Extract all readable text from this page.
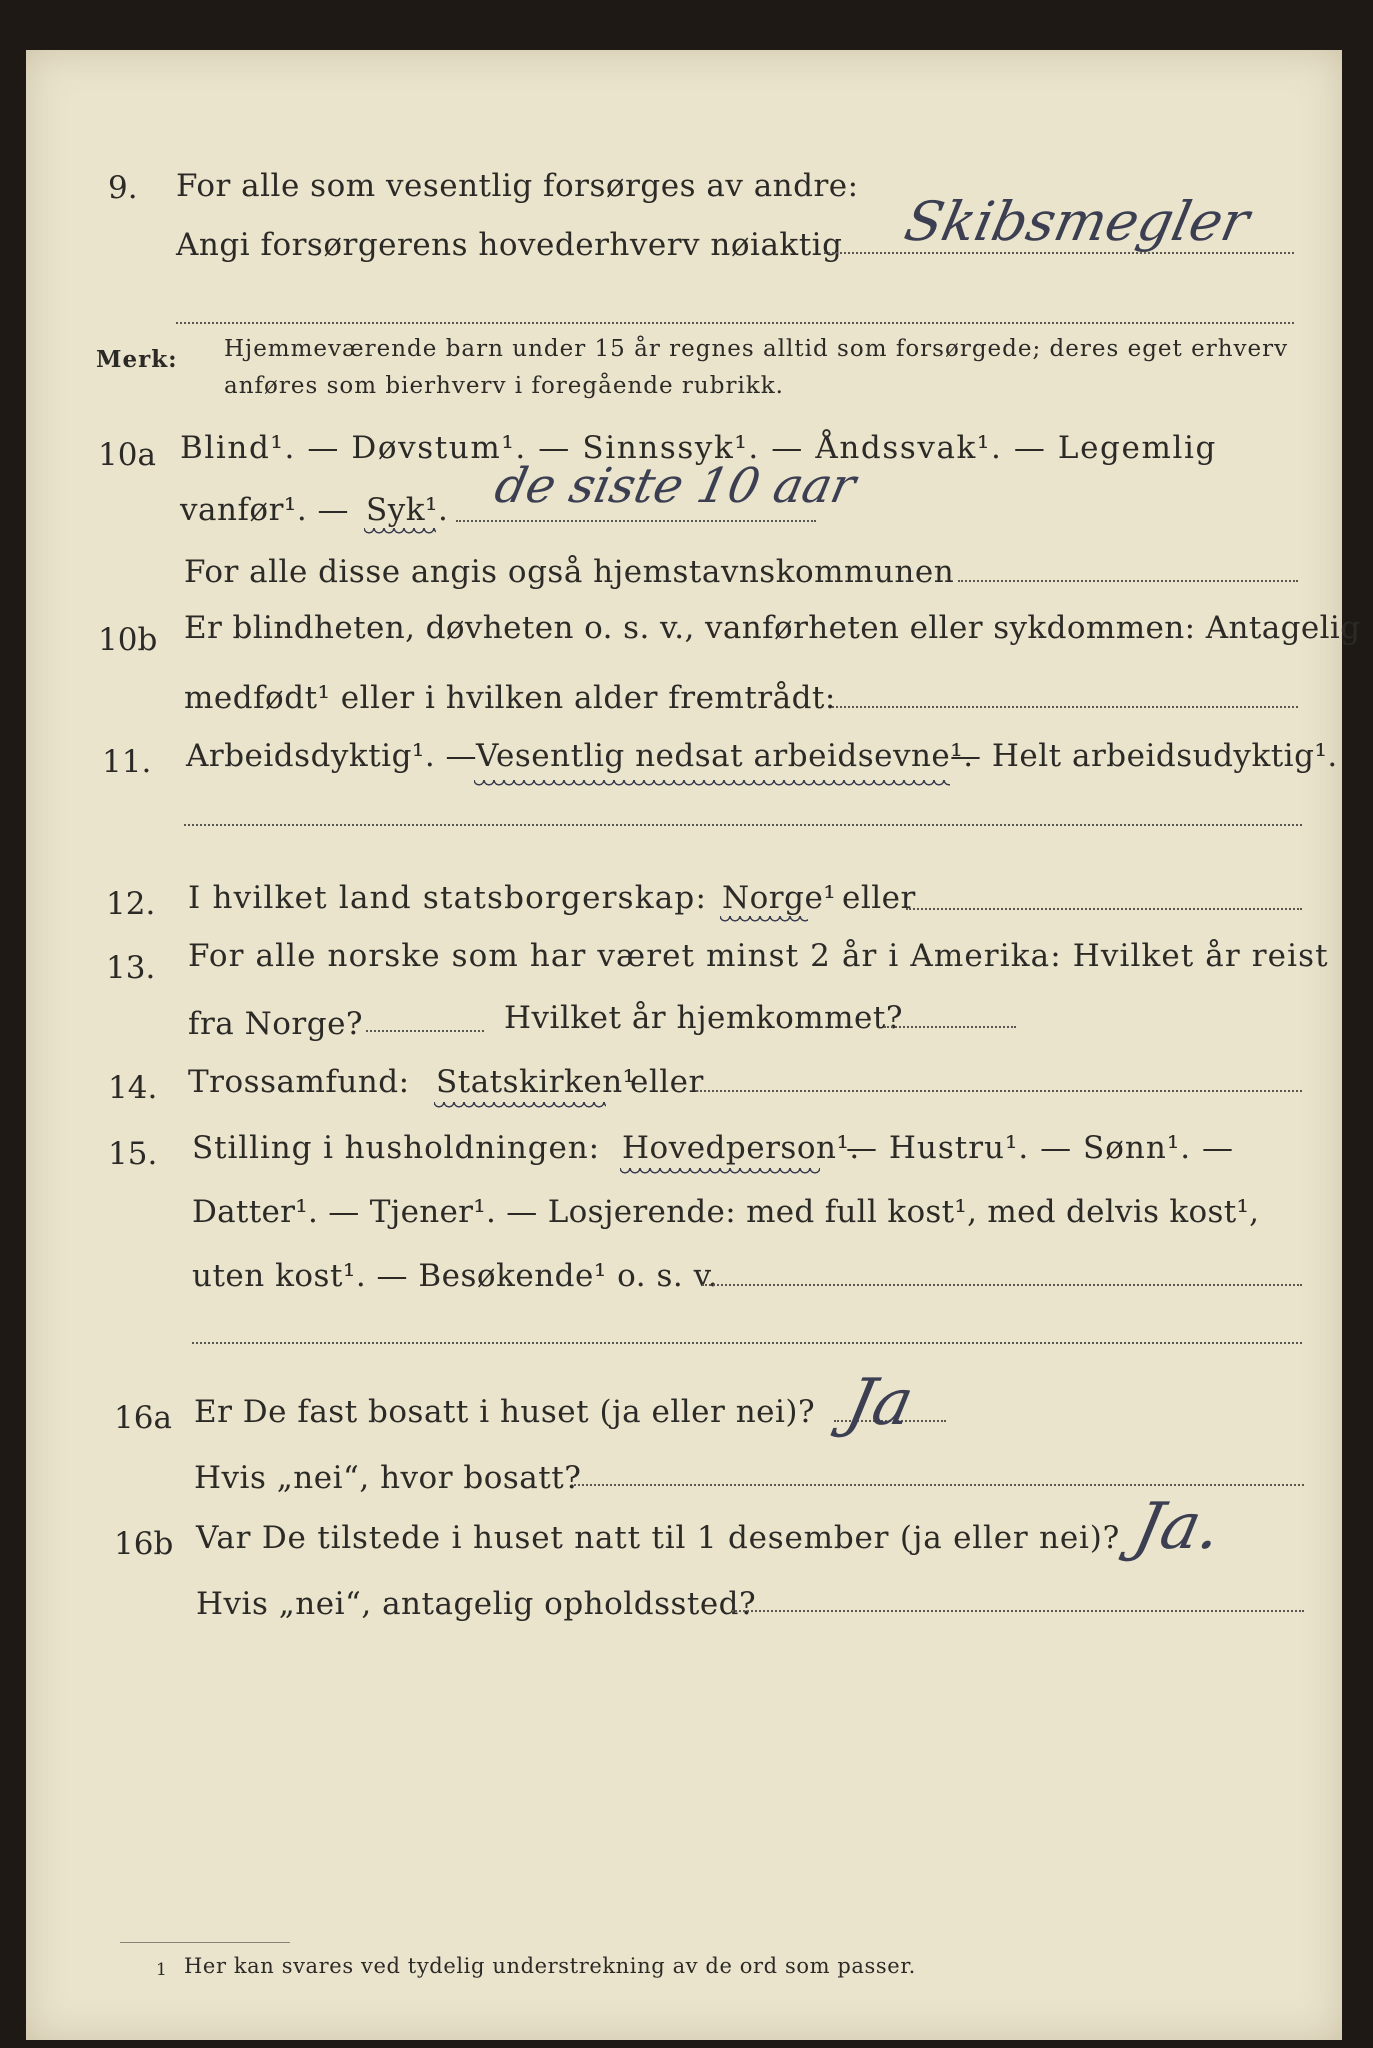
9. For alle som vesentlig forsørges av andre:
Angi forsørgerens hovederhverv nøiaktig Skibsmegler
Merk: Hjemmeværende barn under 15 år regnes alltid som forsørgede; deres eget erhverv
anføres som bierhverv i foregående rubrikk.
10a Blind¹. — Døvstum¹. — Sinnssyk¹. — Åndssvak¹. — Legemlig
vanfør¹. — Syk¹. de siste 10 aar
For alle disse angis også hjemstavnskommunen
10b Er blindheten, døvheten o. s. v., vanførheten eller sykdommen: Antagelig
medfødt¹ eller i hvilken alder fremtrådt:
11. Arbeidsdyktig¹. —
Vesentlig nedsat arbeidsevne¹.
— Helt arbeidsudyktig¹.
12. I hvilket land statsborgerskap: Norge¹ eller
13. For alle norske som har været minst 2 år i Amerika: Hvilket år reist
fra Norge?	Hvilket år hjemkommet?
14. Trossamfund: Statskirken¹
eller
15. Stilling i husholdningen: Hovedperson¹.
— Hustru¹. — Sønn¹. —
Datter¹. — Tjener¹. — Losjerende: med full kost¹, med delvis kost¹,
uten kost¹. — Besøkende¹ o. s. v.
16a Er De fast bosatt i huset (ja eller nei)? Ja
Hvis „nei“, hvor bosatt?
16b Var De tilstede i huset natt til 1 desember (ja eller nei)? Ja.
Hvis „nei“, antagelig opholdssted?
1 Her kan svares ved tydelig understrekning av de ord som passer.
